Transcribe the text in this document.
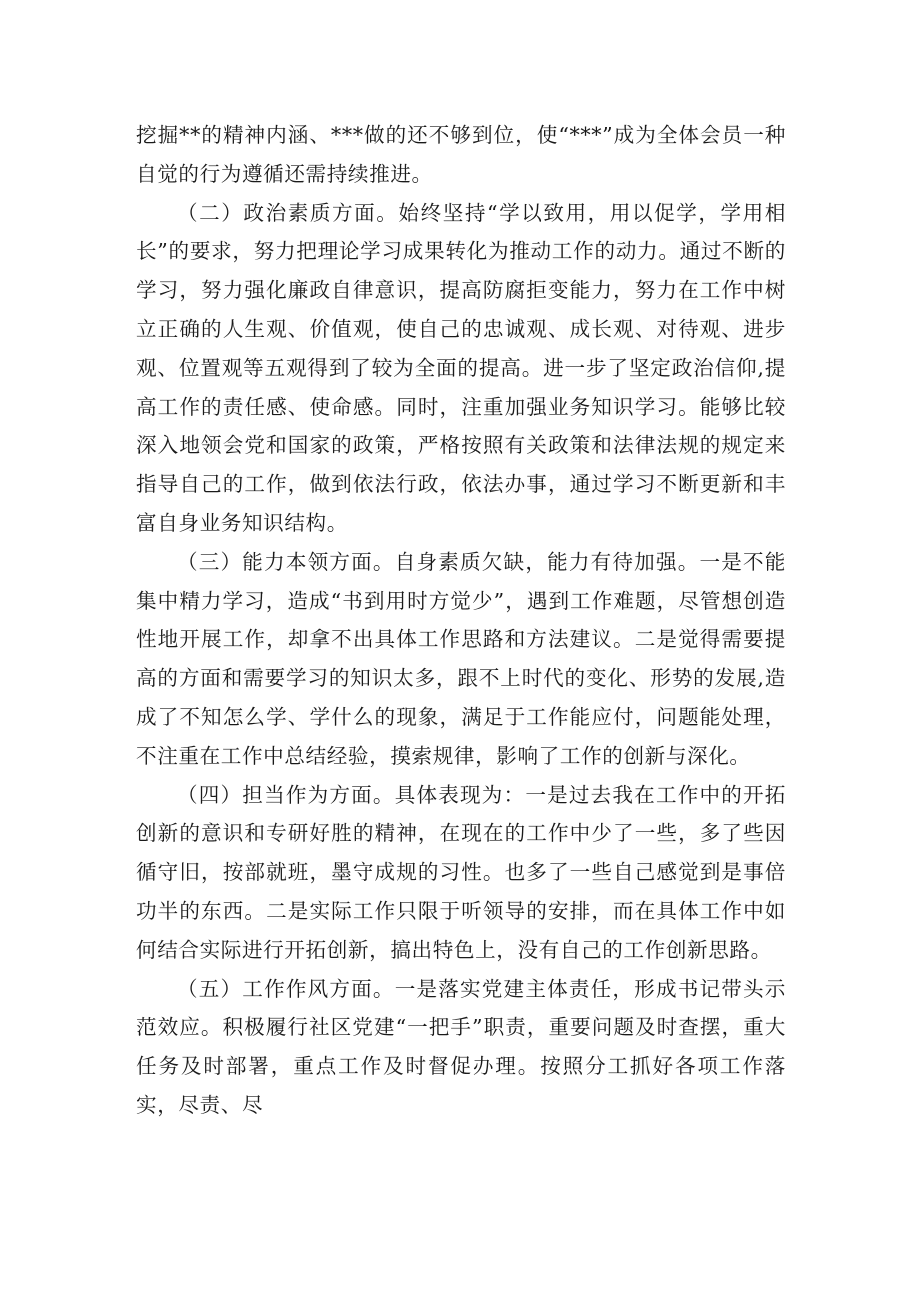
挖掘**的精神内涵、***做的还不够到位，使“***”成为全体会员一种自觉的行为遵循还需持续推进。

（二）政治素质方面。始终坚持“学以致用，用以促学，学用相长”的要求，努力把理论学习成果转化为推动工作的动力。通过不断的学习，努力强化廉政自律意识，提高防腐拒变能力，努力在工作中树立正确的人生观、价值观，使自己的忠诚观、成长观、对待观、进步观、位置观等五观得到了较为全面的提高。进一步了坚定政治信仰,提高工作的责任感、使命感。同时，注重加强业务知识学习。能够比较深入地领会党和国家的政策，严格按照有关政策和法律法规的规定来指导自己的工作，做到依法行政，依法办事，通过学习不断更新和丰富自身业务知识结构。

（三）能力本领方面。自身素质欠缺，能力有待加强。一是不能集中精力学习，造成“书到用时方觉少”，遇到工作难题，尽管想创造性地开展工作，却拿不出具体工作思路和方法建议。二是觉得需要提高的方面和需要学习的知识太多，跟不上时代的变化、形势的发展,造成了不知怎么学、学什么的现象，满足于工作能应付，问题能处理，不注重在工作中总结经验，摸索规律，影响了工作的创新与深化。

（四）担当作为方面。具体表现为：一是过去我在工作中的开拓创新的意识和专研好胜的精神，在现在的工作中少了一些，多了些因循守旧，按部就班，墨守成规的习性。也多了一些自己感觉到是事倍功半的东西。二是实际工作只限于听领导的安排，而在具体工作中如何结合实际进行开拓创新，搞出特色上，没有自己的工作创新思路。

（五）工作作风方面。一是落实党建主体责任，形成书记带头示范效应。积极履行社区党建“一把手”职责，重要问题及时查摆，重大任务及时部署，重点工作及时督促办理。按照分工抓好各项工作落实，尽责、尽
